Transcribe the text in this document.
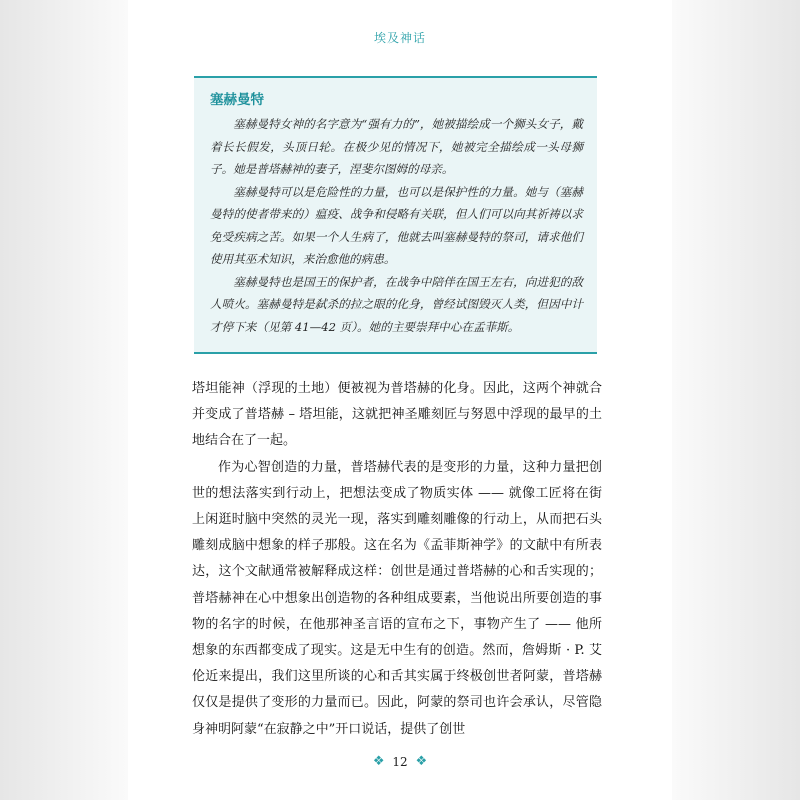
埃及神话

塞赫曼特

塞赫曼特女神的名字意为“强有力的”，她被描绘成一个狮头女子，戴着长长假发，头顶日轮。在极少见的情况下，她被完全描绘成一头母狮子。她是普塔赫神的妻子，涅斐尔图姆的母亲。

塞赫曼特可以是危险性的力量，也可以是保护性的力量。她与（塞赫曼特的使者带来的）瘟疫、战争和侵略有关联，但人们可以向其祈祷以求免受疾病之苦。如果一个人生病了，他就去叫塞赫曼特的祭司，请求他们使用其巫术知识，来治愈他的病患。

塞赫曼特也是国王的保护者，在战争中陪伴在国王左右，向进犯的敌人喷火。塞赫曼特是弑杀的拉之眼的化身，曾经试图毁灭人类，但因中计才停下来（见第 41—42 页）。她的主要崇拜中心在孟菲斯。

塔坦能神（浮现的土地）便被视为普塔赫的化身。因此，这两个神就合并变成了普塔赫 – 塔坦能，这就把神圣雕刻匠与努恩中浮现的最早的土地结合在了一起。

作为心智创造的力量，普塔赫代表的是变形的力量，这种力量把创世的想法落实到行动上，把想法变成了物质实体 —— 就像工匠将在街上闲逛时脑中突然的灵光一现，落实到雕刻雕像的行动上，从而把石头雕刻成脑中想象的样子那般。这在名为《孟菲斯神学》的文献中有所表达，这个文献通常被解释成这样：创世是通过普塔赫的心和舌实现的；普塔赫神在心中想象出创造物的各种组成要素，当他说出所要创造的事物的名字的时候，在他那神圣言语的宣布之下，事物产生了 —— 他所想象的东西都变成了现实。这是无中生有的创造。然而，詹姆斯 · P. 艾伦近来提出，我们这里所谈的心和舌其实属于终极创世者阿蒙，普塔赫仅仅是提供了变形的力量而已。因此，阿蒙的祭司也许会承认，尽管隐身神明阿蒙“在寂静之中”开口说话，提供了创世

❖ 12 ❖
